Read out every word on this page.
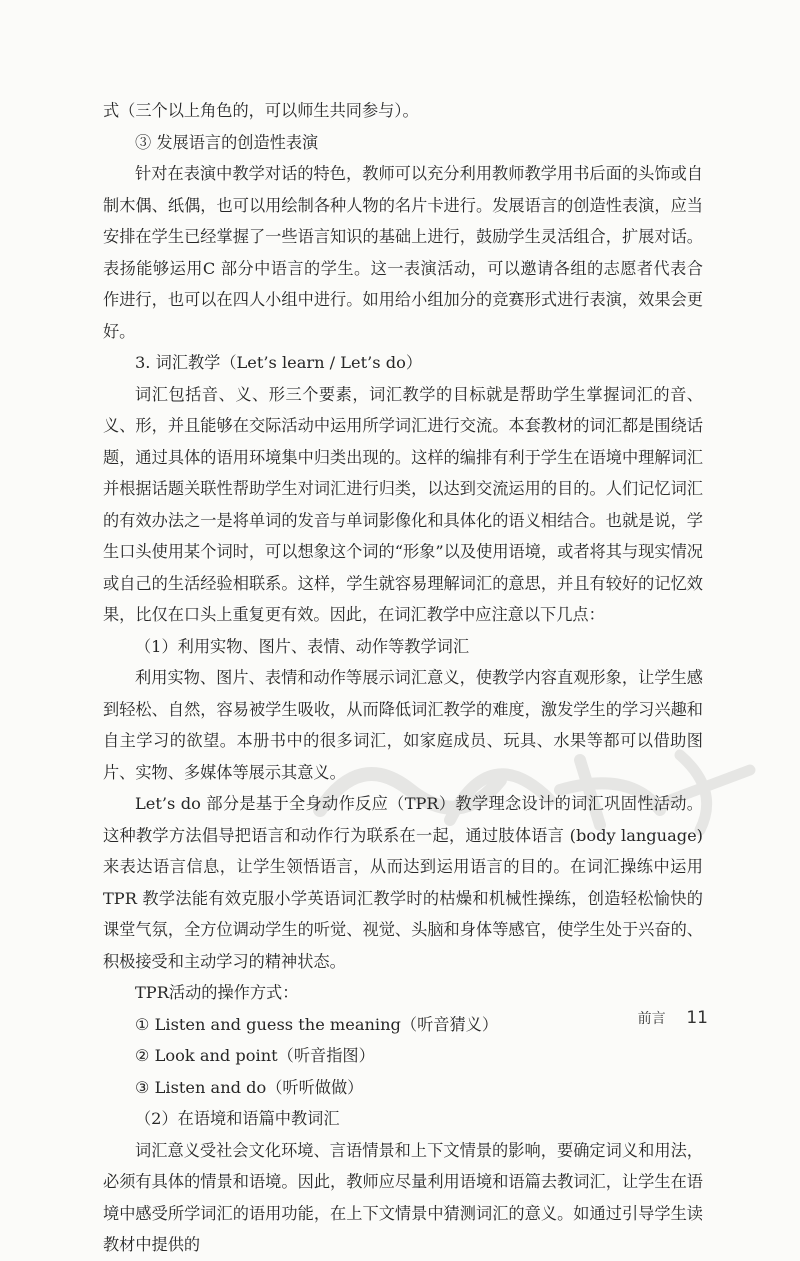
式（三个以上角色的，可以师生共同参与）。

③ 发展语言的创造性表演

针对在表演中教学对话的特色，教师可以充分利用教师教学用书后面的头饰或自制木偶、纸偶，也可以用绘制各种人物的名片卡进行。发展语言的创造性表演，应当安排在学生已经掌握了一些语言知识的基础上进行，鼓励学生灵活组合，扩展对话。表扬能够运用C 部分中语言的学生。这一表演活动，可以邀请各组的志愿者代表合作进行，也可以在四人小组中进行。如用给小组加分的竞赛形式进行表演，效果会更好。

3. 词汇教学（Let’s learn / Let’s do）

词汇包括音、义、形三个要素，词汇教学的目标就是帮助学生掌握词汇的音、义、形，并且能够在交际活动中运用所学词汇进行交流。本套教材的词汇都是围绕话题，通过具体的语用环境集中归类出现的。这样的编排有利于学生在语境中理解词汇并根据话题关联性帮助学生对词汇进行归类，以达到交流运用的目的。人们记忆词汇的有效办法之一是将单词的发音与单词影像化和具体化的语义相结合。也就是说，学生口头使用某个词时，可以想象这个词的“形象”以及使用语境，或者将其与现实情况或自己的生活经验相联系。这样，学生就容易理解词汇的意思，并且有较好的记忆效果，比仅在口头上重复更有效。因此，在词汇教学中应注意以下几点：

（1）利用实物、图片、表情、动作等教学词汇

利用实物、图片、表情和动作等展示词汇意义，使教学内容直观形象，让学生感到轻松、自然，容易被学生吸收，从而降低词汇教学的难度，激发学生的学习兴趣和自主学习的欲望。本册书中的很多词汇，如家庭成员、玩具、水果等都可以借助图片、实物、多媒体等展示其意义。

Let’s do 部分是基于全身动作反应（TPR）教学理念设计的词汇巩固性活动。这种教学方法倡导把语言和动作行为联系在一起，通过肢体语言 (body language) 来表达语言信息，让学生领悟语言，从而达到运用语言的目的。在词汇操练中运用TPR 教学法能有效克服小学英语词汇教学时的枯燥和机械性操练，创造轻松愉快的课堂气氛，全方位调动学生的听觉、视觉、头脑和身体等感官，使学生处于兴奋的、积极接受和主动学习的精神状态。

TPR活动的操作方式：

① Listen and guess the meaning（听音猜义）

② Look and point（听音指图）

③ Listen and do（听听做做）

（2）在语境和语篇中教词汇

词汇意义受社会文化环境、言语情景和上下文情景的影响，要确定词义和用法，必须有具体的情景和语境。因此，教师应尽量利用语境和语篇去教词汇，让学生在语境中感受所学词汇的语用功能，在上下文情景中猜测词汇的意义。如通过引导学生读教材中提供的

前言 11
